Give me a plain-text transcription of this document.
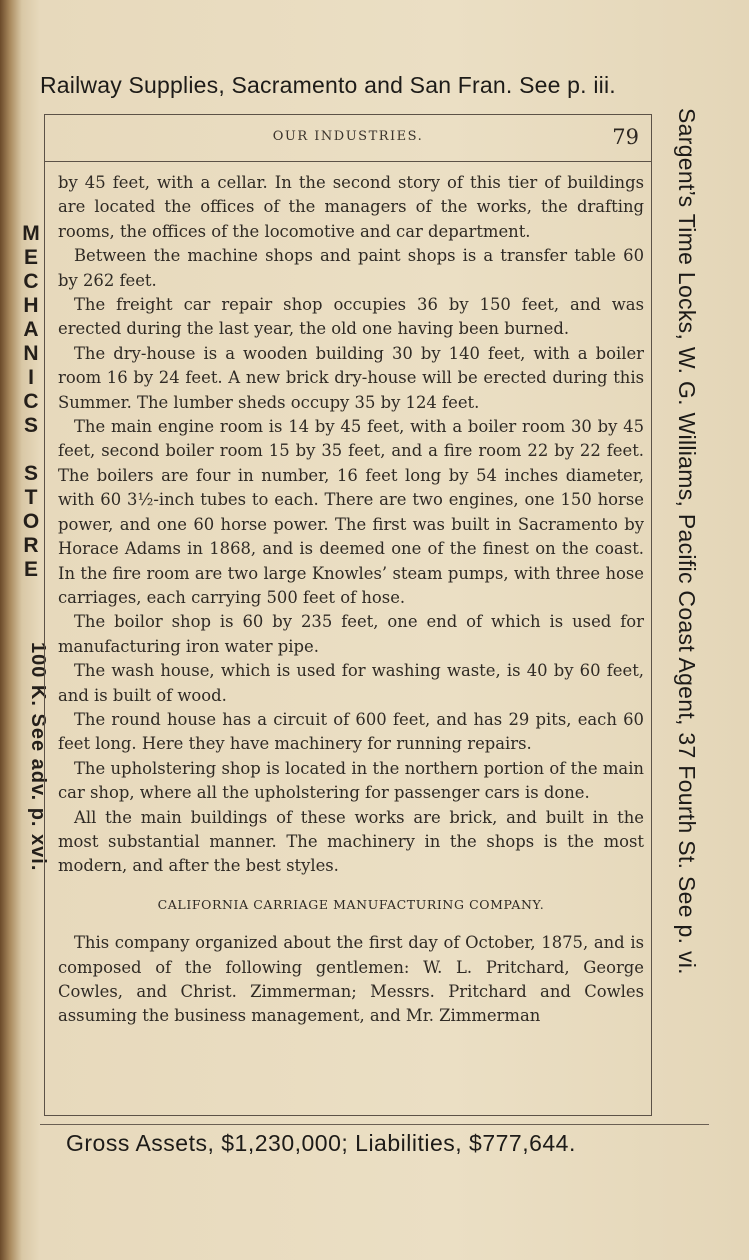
Railway Supplies, Sacramento and San Fran. See p. iii.
M
E
C
H
A
N
I
C
S

S
T
O
R
E
100 K. See adv. p. xvi.	Sargent’s Time Locks, W. G. Williams, Pacific Coast Agent, 37 Fourth St. See p. vi.
OUR INDUSTRIES.	79

by 45 feet, with a cellar. In the second story of this tier of buildings are located the offices of the managers of the works, the drafting rooms, the offices of the locomotive and car department.

Between the machine shops and paint shops is a transfer table 60 by 262 feet.

The freight car repair shop occupies 36 by 150 feet, and was erected during the last year, the old one having been burned.

The dry-house is a wooden building 30 by 140 feet, with a boiler room 16 by 24 feet. A new brick dry-house will be erected during this Summer. The lumber sheds occupy 35 by 124 feet.

The main engine room is 14 by 45 feet, with a boiler room 30 by 45 feet, second boiler room 15 by 35 feet, and a fire room 22 by 22 feet. The boilers are four in number, 16 feet long by 54 inches diameter, with 60 3½-inch tubes to each. There are two engines, one 150 horse power, and one 60 horse power. The first was built in Sacramento by Horace Adams in 1868, and is deemed one of the finest on the coast. In the fire room are two large Knowles’ steam pumps, with three hose carriages, each carrying 500 feet of hose.

The boilor shop is 60 by 235 feet, one end of which is used for manufacturing iron water pipe.

The wash house, which is used for washing waste, is 40 by 60 feet, and is built of wood.

The round house has a circuit of 600 feet, and has 29 pits, each 60 feet long. Here they have machinery for running repairs.

The upholstering shop is located in the northern portion of the main car shop, where all the upholstering for passenger cars is done.

All the main buildings of these works are brick, and built in the most substantial manner. The machinery in the shops is the most modern, and after the best styles.

CALIFORNIA CARRIAGE MANUFACTURING COMPANY.

This company organized about the first day of October, 1875, and is composed of the following gentlemen: W. L. Pritchard, George Cowles, and Christ. Zimmerman; Messrs. Pritchard and Cowles assuming the business management, and Mr. Zimmerman

Gross Assets, $1,230,000; Liabilities, $777,644.
